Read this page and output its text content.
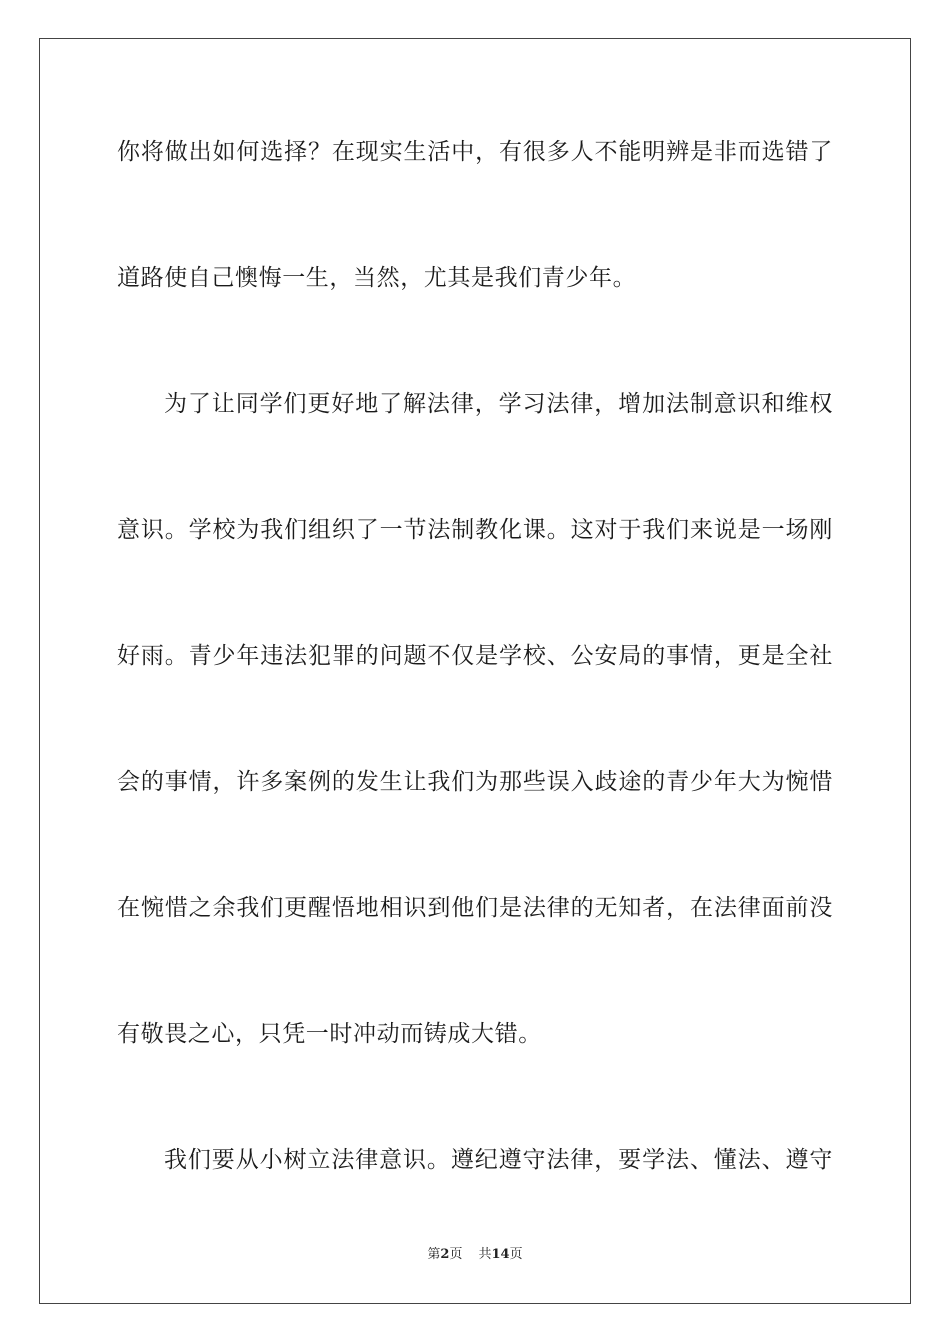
你将做出如何选择？在现实生活中，有很多人不能明辨是非而选错了
道路使自己懊悔一生，当然，尤其是我们青少年。
为了让同学们更好地了解法律，学习法律，增加法制意识和维权
意识。学校为我们组织了一节法制教化课。这对于我们来说是一场刚
好雨。青少年违法犯罪的问题不仅是学校、公安局的事情，更是全社
会的事情，许多案例的发生让我们为那些误入歧途的青少年大为惋惜
在惋惜之余我们更醒悟地相识到他们是法律的无知者，在法律面前没
有敬畏之心，只凭一时冲动而铸成大错。
我们要从小树立法律意识。遵纪遵守法律，要学法、懂法、遵守
第2页 共14页
